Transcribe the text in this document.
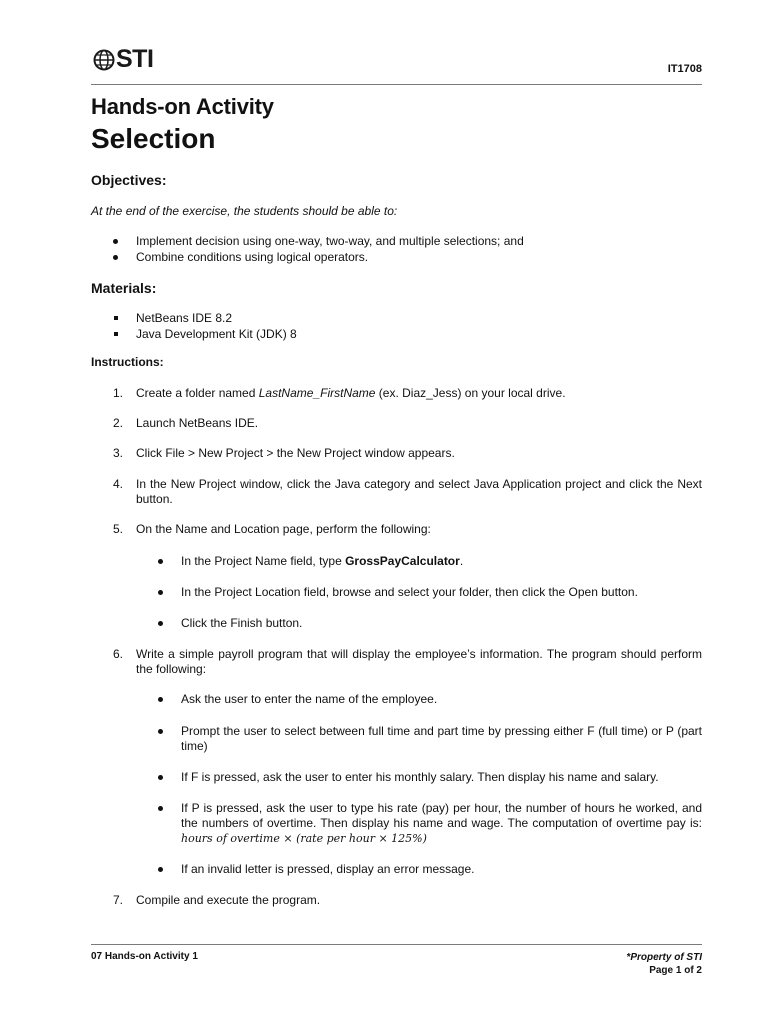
STI	IT1708
Hands-on Activity
Selection
Objectives:
At the end of the exercise, the students should be able to:
Implement decision using one-way, two-way, and multiple selections; and
Combine conditions using logical operators.
Materials:
NetBeans IDE 8.2
Java Development Kit (JDK) 8
Instructions:
1. Create a folder named LastName_FirstName (ex. Diaz_Jess) on your local drive.
2. Launch NetBeans IDE.
3. Click File > New Project > the New Project window appears.
4. In the New Project window, click the Java category and select Java Application project and click the Next button.
5. On the Name and Location page, perform the following:
In the Project Name field, type GrossPayCalculator.
In the Project Location field, browse and select your folder, then click the Open button.
Click the Finish button.
6. Write a simple payroll program that will display the employee’s information. The program should perform the following:
Ask the user to enter the name of the employee.
Prompt the user to select between full time and part time by pressing either F (full time) or P (part time)
If F is pressed, ask the user to enter his monthly salary. Then display his name and salary.
If P is pressed, ask the user to type his rate (pay) per hour, the number of hours he worked, and the numbers of overtime. Then display his name and wage. The computation of overtime pay is: hours of overtime × (rate per hour × 125%)
If an invalid letter is pressed, display an error message.
7. Compile and execute the program.
07 Hands-on Activity 1	*Property of STI
Page 1 of 2
